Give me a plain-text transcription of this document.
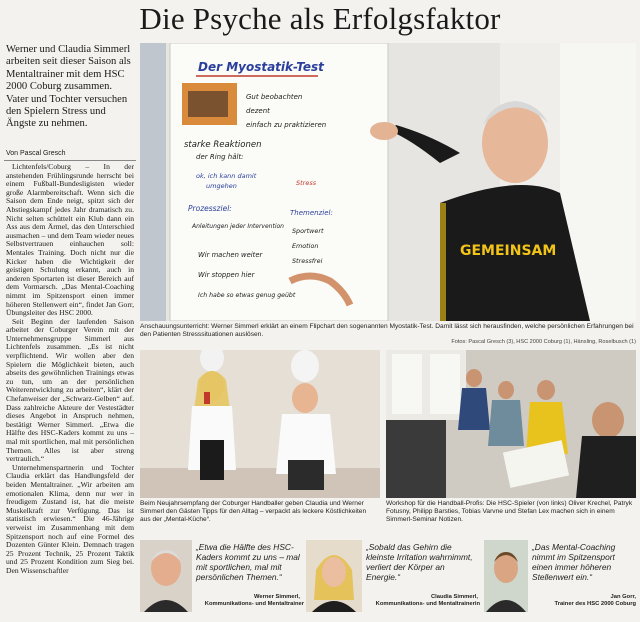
Die Psyche als Erfolgsfaktor
Werner und Claudia Simmerl arbeiten seit dieser Saison als Mentaltrainer mit dem HSC 2000 Coburg zusammen. Vater und Tochter versuchen den Spielern Stress und Ängste zu nehmen.
Von Pascal Gresch

Lichtenfels/Coburg – In der anstehenden Frühlingsrunde herrscht bei einem Fußball-Bundesligisten wieder große Alarmbereitschaft. Wenn sich die Saison dem Ende neigt, spitzt sich der Abstiegskampf jedes Jahr dramatisch zu. Nicht selten schüttelt ein Klub dann ein Ass aus dem Ärmel, das den Unterschied ausmachen – und dem Team wieder neues Selbstvertrauen einhauchen soll: Mentales Training. Doch nicht nur die Kicker haben die Wichtigkeit der geistigen Schulung erkannt, auch in anderen Sportarten ist dieser Bereich auf dem Vormarsch. „Das Mental-Coaching nimmt im Spitzensport einen immer höheren Stellenwert ein“, findet Jan Gorr, Übungsleiter des HSC 2000.

Seit Beginn der laufenden Saison arbeitet der Coburger Verein mit der Unternehmensgruppe Simmerl aus Lichtenfels zusammen. „Es ist nicht verpflichtend. Wir wollen aber den Spielern die Möglichkeit bieten, auch abseits des gewöhnlichen Trainings etwas zu tun, um an der persönlichen Weiterentwicklung zu arbeiten“, klärt der Chefanweiser der „Schwarz-Gelben“ auf. Dass zahlreiche Akteure der Vestestädter dieses Angebot in Anspruch nehmen, bestätigt Werner Simmerl. „Etwa die Hälfte des HSC-Kaders kommt zu uns – mal mit sportlichen, mal mit persönlichen Themen. Alles ist aber streng vertraulich.“

Unternehmenspartnerin und Tochter Claudia erklärt das Handlungsfeld der beiden Mentaltrainer. „Wir arbeiten am emotionalen Klima, denn nur wer in freudigem Zustand ist, hat die meiste Muskelkraft zur Verfügung. Das ist statistisch erwiesen.“ Die 46-Jährige verweist im Zusammenhang mit dem Spitzensport noch auf eine Formel des Dozenten Günter Klein. Demnach tragen 25 Prozent Technik, 25 Prozent Taktik und 25 Prozent Kondition zum Sieg bei. Den Wissenschaftler

Der Myostatik-Test
Gut beobachten
dezent
einfach zu praktizieren
starke Reaktionen
der Ring hält:
ok, ich kann damit
umgehen	Stress
Prozessziel:
Anleitungen jeder Intervention
Wir machen weiter
Wir stoppen hier
Ich habe so etwas genug geübt
Themenziel:
Sportwert
Emotion
Stressfrei
GEMEINSAM
Anschauungsunterricht: Werner Simmerl erklärt an einem Flipchart den sogenannten Myostatik-Test. Damit lässt sich herausfinden, welche persönlichen Erfahrungen bei den Patienten Stresssituationen auslösen.
Fotos: Pascal Gresch (3), HSC 2000 Coburg (1), Hänsling, Roselbusch (1)
Beim Neujahrsempfang der Coburger Handballer geben Claudia und Werner Simmerl den Gästen Tipps für den Alltag – verpackt als leckere Köstlichkeiten aus der „Mental-Küche“.
Workshop für die Handball-Profis: Die HSC-Spieler (von links) Oliver Krechel, Patryk Fotusny, Philipp Barsties, Tobias Varvne und Stefan Lex machen sich in einem Simmerl-Seminar Notizen.
„Etwa die Hälfte des HSC-Kaders kommt zu uns – mal mit sportlichen, mal mit persönlichen Themen.“
Werner Simmerl,
Kommunikations- und Mentaltrainer
„Sobald das Gehirn die kleinste Irritation wahrnimmt, verliert der Körper an Energie.“
Claudia Simmerl,
Kommunikations- und Mentaltrainerin
„Das Mental-Coaching nimmt im Spitzensport einen immer höheren Stellenwert ein.“
Jan Gorr,
Trainer des HSC 2000 Coburg
